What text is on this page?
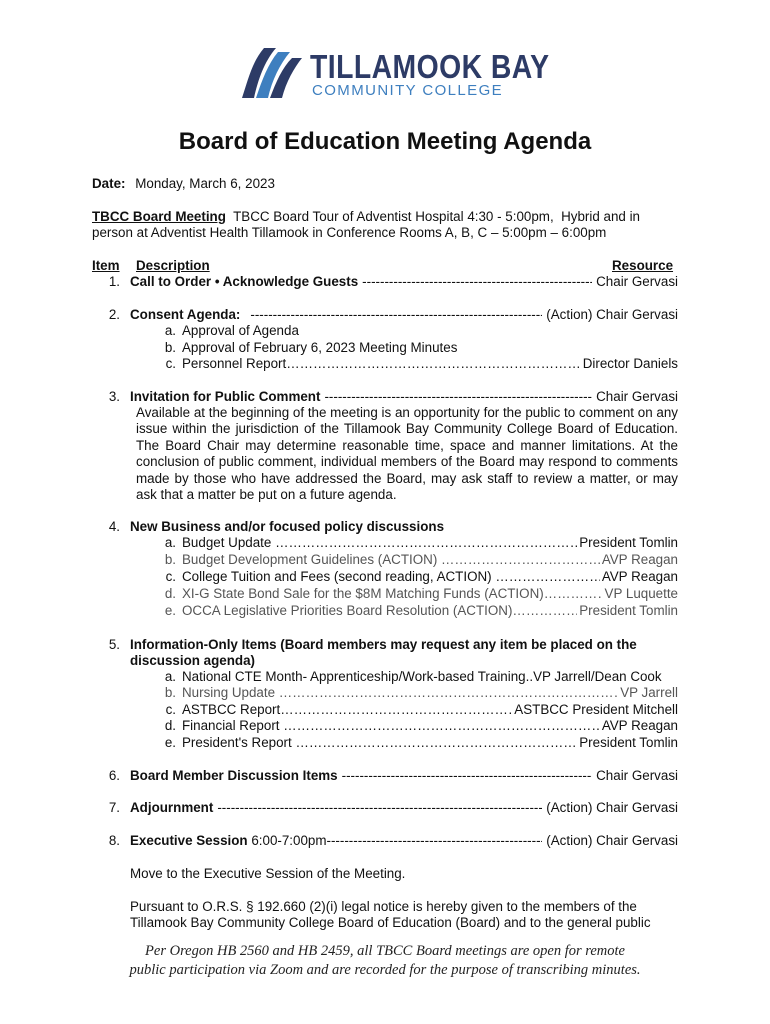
TILLAMOOK BAY
COMMUNITY COLLEGE
Board of Education Meeting Agenda
Date: Monday, March 6, 2023
TBCC Board Meeting  TBCC Board Tour of Adventist Hospital 4:30 - 5:00pm,  Hybrid and in
person at Adventist Health Tillamook in Conference Rooms A, B, C – 5:00pm – 6:00pm
Item Description	Resource
1. Call to Order • Acknowledge Guests -----	Chair Gervasi
2. Consent Agenda: -----	(Action) Chair Gervasi
a. Approval of Agenda
b. Approval of February 6, 2023 Meeting Minutes
c. Personnel Report ……………………………………………………………………………………………………………………	Director Daniels
3. Invitation for Public Comment -----	Chair Gervasi
Available at the beginning of the meeting is an opportunity for the public to comment on any issue within the jurisdiction of the Tillamook Bay Community College Board of Education. The Board Chair may determine reasonable time, space and manner limitations. At the conclusion of public comment, individual members of the Board may respond to comments made by those who have addressed the Board, may ask staff to review a matter, or may ask that a matter be put on a future agenda.
4. New Business and/or focused policy discussions
a. Budget Update ……………………………………………………………………………………………………………………	President Tomlin
b. Budget Development Guidelines (ACTION) ……………………………………………………………………………………………………………………	AVP Reagan
c. College Tuition and Fees (second reading, ACTION) ……………………………………………………………………………………………………………………	AVP Reagan
d. XI-G State Bond Sale for the $8M Matching Funds (ACTION) ……………………………………………………………………………………………………………………	VP Luquette
e. OCCA Legislative Priorities Board Resolution (ACTION) ……………………………………………………………………………………………………………………	President Tomlin
5. Information-Only Items (Board members may request any item be placed on the
discussion agenda)
a. National CTE Month- Apprenticeship/Work-based Training.. VP Jarrell/Dean Cook
b. Nursing Update ……………………………………………………………………………………………………………………	VP Jarrell
c. ASTBCC Report ……………………………………………………………………………………………………………………	ASTBCC President Mitchell
d. Financial Report ……………………………………………………………………………………………………………………	AVP Reagan
e. President's Report ……………………………………………………………………………………………………………………	President Tomlin
6. Board Member Discussion Items -----	Chair Gervasi
7. Adjournment -----	(Action) Chair Gervasi
8. Executive Session 6:00-7:00pm -----	(Action) Chair Gervasi
Move to the Executive Session of the Meeting.
Pursuant to O.R.S. § 192.660 (2)(i) legal notice is hereby given to the members of the
Tillamook Bay Community College Board of Education (Board) and to the general public
Per Oregon HB 2560 and HB 2459, all TBCC Board meetings are open for remote
public participation via Zoom and are recorded for the purpose of transcribing minutes.
